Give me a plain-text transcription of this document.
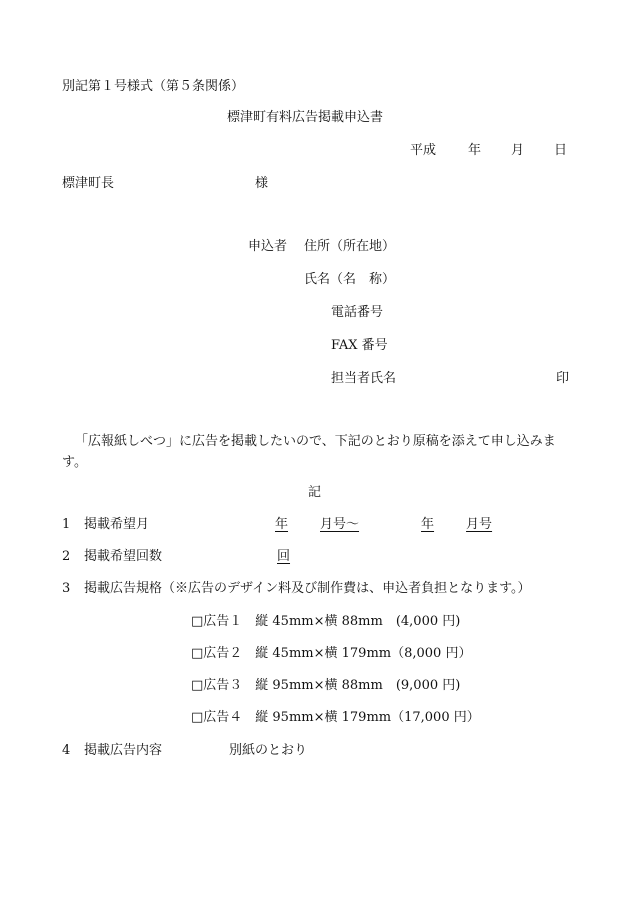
別記第１号様式（第５条関係）
標津町有料広告掲載申込書
平成 年 月 日
標津町長	様
申込者 住所（所在地）
氏名（名　称）
電話番号
FAX 番号
担当者氏名	印
「広報紙しべつ」に広告を掲載したいので、下記のとおり原稿を添えて申し込みます。
記
1 掲載希望月	年 月号～	年 月号
2 掲載希望回数	回
3 掲載広告規格（※広告のデザイン料及び制作費は、申込者負担となります。）
□広告１　縦 45mm×横 88mm　(4,000 円)
□広告２　縦 45mm×横 179mm（8,000 円）
□広告３　縦 95mm×横 88mm　(9,000 円)
□広告４　縦 95mm×横 179mm（17,000 円）
4 掲載広告内容	別紙のとおり
